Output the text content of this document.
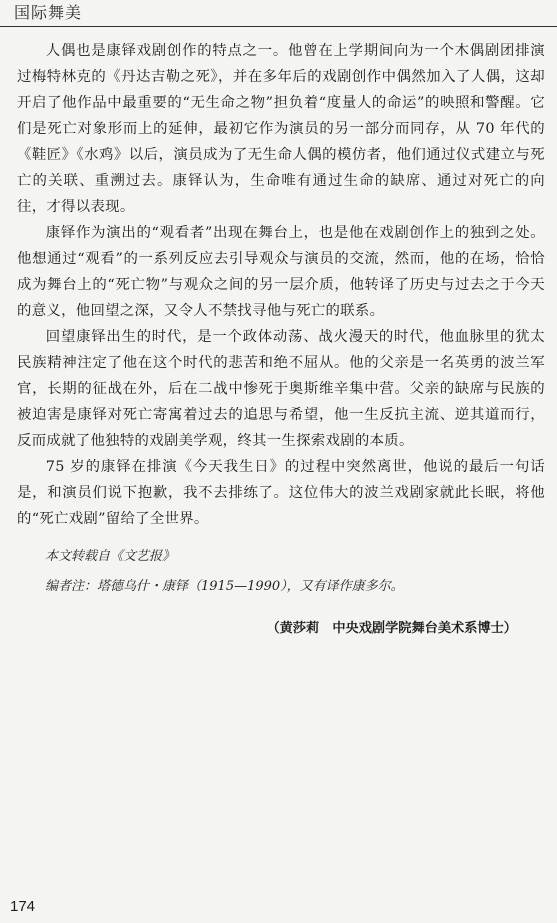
国际舞美

人偶也是康铎戏剧创作的特点之一。他曾在上学期间向为一个木偶剧团排演过梅特林克的《丹达吉勒之死》，并在多年后的戏剧创作中偶然加入了人偶，这却开启了他作品中最重要的“无生命之物”担负着“度量人的命运”的映照和警醒。它们是死亡对象形而上的延伸，最初它作为演员的另一部分而同存，从 70 年代的《鞋匠》《水鸡》以后，演员成为了无生命人偶的模仿者，他们通过仪式建立与死亡的关联、重溯过去。康铎认为，生命唯有通过生命的缺席、通过对死亡的向往，才得以表现。

康铎作为演出的“观看者”出现在舞台上，也是他在戏剧创作上的独到之处。他想通过“观看”的一系列反应去引导观众与演员的交流，然而，他的在场，恰恰成为舞台上的“死亡物”与观众之间的另一层介质，他转译了历史与过去之于今天的意义，他回望之深，又令人不禁找寻他与死亡的联系。

回望康铎出生的时代，是一个政体动荡、战火漫天的时代，他血脉里的犹太民族精神注定了他在这个时代的悲苦和绝不屈从。他的父亲是一名英勇的波兰军官，长期的征战在外，后在二战中惨死于奥斯维辛集中营。父亲的缺席与民族的被迫害是康铎对死亡寄寓着过去的追思与希望，他一生反抗主流、逆其道而行，反而成就了他独特的戏剧美学观，终其一生探索戏剧的本质。

75 岁的康铎在排演《今天我生日》的过程中突然离世，他说的最后一句话是，和演员们说下抱歉，我不去排练了。这位伟大的波兰戏剧家就此长眠，将他的“死亡戏剧”留给了全世界。

本文转载自《文艺报》
编者注：塔德乌什・康铎（1915—1990），又有译作康多尔。
（黄莎莉　中央戏剧学院舞台美术系博士）
174
